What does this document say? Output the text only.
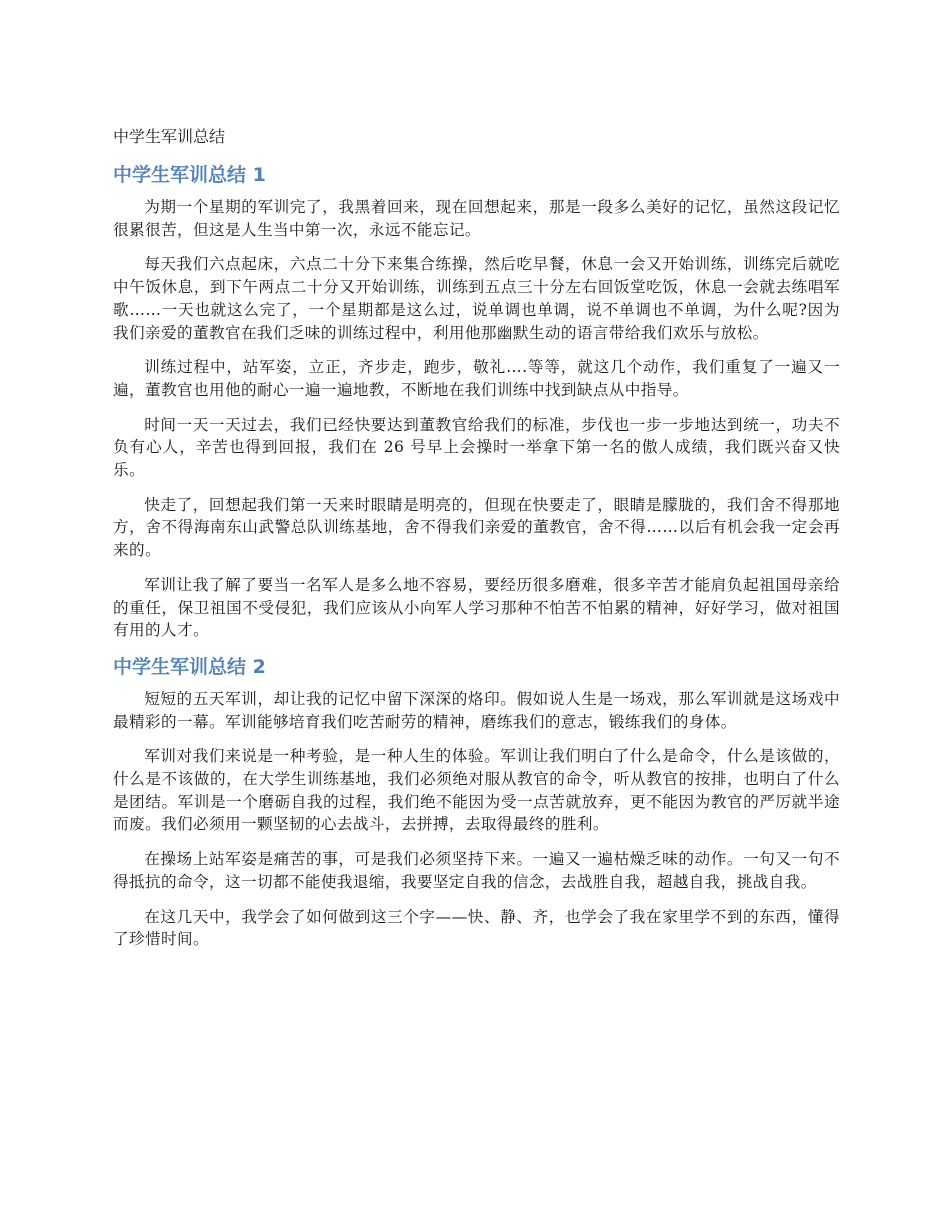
中学生军训总结
中学生军训总结 1

为期一个星期的军训完了，我黑着回来，现在回想起来，那是一段多么美好的记忆，虽然这段记忆很累很苦，但这是人生当中第一次，永远不能忘记。

每天我们六点起床，六点二十分下来集合练操，然后吃早餐，休息一会又开始训练，训练完后就吃中午饭休息，到下午两点二十分又开始训练，训练到五点三十分左右回饭堂吃饭，休息一会就去练唱军歌……一天也就这么完了，一个星期都是这么过，说单调也单调，说不单调也不单调，为什么呢?因为我们亲爱的董教官在我们乏味的训练过程中，利用他那幽默生动的语言带给我们欢乐与放松。

训练过程中，站军姿，立正，齐步走，跑步，敬礼….等等，就这几个动作，我们重复了一遍又一遍，董教官也用他的耐心一遍一遍地教，不断地在我们训练中找到缺点从中指导。

时间一天一天过去，我们已经快要达到董教官给我们的标准，步伐也一步一步地达到统一，功夫不负有心人，辛苦也得到回报，我们在 26 号早上会操时一举拿下第一名的傲人成绩，我们既兴奋又快乐。

快走了，回想起我们第一天来时眼睛是明亮的，但现在快要走了，眼睛是朦胧的，我们舍不得那地方，舍不得海南东山武警总队训练基地，舍不得我们亲爱的董教官，舍不得……以后有机会我一定会再来的。

军训让我了解了要当一名军人是多么地不容易，要经历很多磨难，很多辛苦才能肩负起祖国母亲给的重任，保卫祖国不受侵犯，我们应该从小向军人学习那种不怕苦不怕累的精神，好好学习，做对祖国有用的人才。

中学生军训总结 2

短短的五天军训，却让我的记忆中留下深深的烙印。假如说人生是一场戏，那么军训就是这场戏中最精彩的一幕。军训能够培育我们吃苦耐劳的精神，磨练我们的意志，锻练我们的身体。

军训对我们来说是一种考验，是一种人生的体验。军训让我们明白了什么是命令，什么是该做的，什么是不该做的，在大学生训练基地，我们必须绝对服从教官的命令，听从教官的按排，也明白了什么是团结。军训是一个磨砺自我的过程，我们绝不能因为受一点苦就放弃，更不能因为教官的严厉就半途而废。我们必须用一颗坚韧的心去战斗，去拼搏，去取得最终的胜利。

在操场上站军姿是痛苦的事，可是我们必须坚持下来。一遍又一遍枯燥乏味的动作。一句又一句不得抵抗的命令，这一切都不能使我退缩，我要坚定自我的信念，去战胜自我，超越自我，挑战自我。

在这几天中，我学会了如何做到这三个字——快、静、齐，也学会了我在家里学不到的东西，懂得了珍惜时间。
